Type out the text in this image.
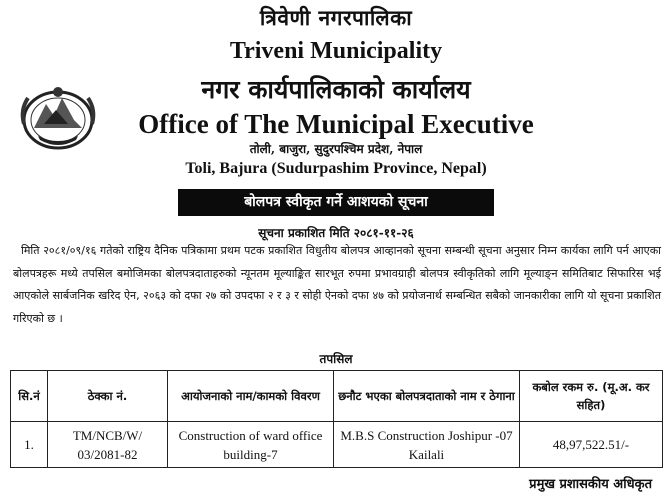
त्रिवेणी नगरपालिका
Triveni Municipality
नगर कार्यपालिकाको कार्यालय
Office of The Municipal Executive
तोली, बाजुरा, सुदुरपश्चिम प्रदेश, नेपाल
Toli, Bajura (Sudurpashim Province, Nepal)
बोलपत्र स्वीकृत गर्ने आशयको सूचना
सूचना प्रकाशित मिति २०८१-११-२६
मिति २०८१/०९/१६ गतेको राष्ट्रिय दैनिक पत्रिकामा प्रथम पटक प्रकाशित विधुतीय बोलपत्र आव्हानको सूचना सम्बन्धी सूचना अनुसार निम्न कार्यका लागि पर्न आएका बोलपत्रहरू मध्ये तपसिल बमोजिमका बोलपत्रदाताहरुको न्यूनतम मूल्याङ्कित सारभूत रुपमा प्रभावग्राही बोलपत्र स्वीकृतिको लागि मूल्याङ्न समितिबाट सिफारिस भई आएकोले सार्बजनिक खरिद ऐन, २०६३ को दफा २७ को उपदफा २ र ३ र सोही ऐनको दफा ४७ को प्रयोजनार्थ सम्बन्धित सबैको जानकारीका लागि यो सूचना प्रकाशित गरिएको छ ।
तपसिल
सि.नं	ठेक्का नं.	आयोजनाको नाम/कामको विवरण	छनौट भएका बोलपत्रदाताको नाम र ठेगाना	कबोल रकम रु. (मू.अ. कर सहित)
1.	TM/NCB/W/ 03/2081-82	Construction of ward office building-7	M.B.S Construction Joshipur -07 Kailali	48,97,522.51/-
प्रमुख प्रशासकीय अधिकृत
